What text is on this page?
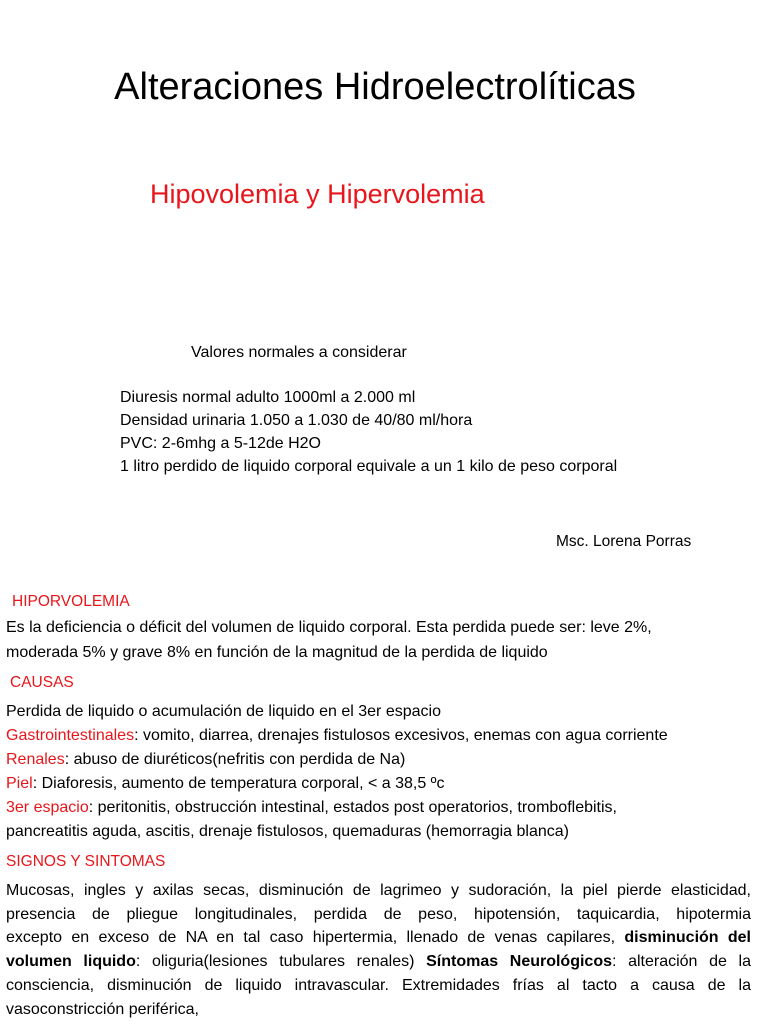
Alteraciones Hidroelectrolíticas
Hipovolemia y Hipervolemia
Valores normales a considerar
Diuresis normal adulto 1000ml a 2.000 ml
Densidad urinaria 1.050 a 1.030 de 40/80 ml/hora
PVC: 2-6mhg a 5-12de H2O
1 litro perdido de liquido corporal equivale a un 1 kilo de peso corporal
Msc. Lorena Porras
HIPORVOLEMIA
Es la deficiencia o déficit del volumen de liquido corporal. Esta perdida puede ser: leve 2%,
moderada 5% y grave 8% en función de la magnitud de la perdida de liquido
CAUSAS
Perdida de liquido o acumulación de liquido en el 3er espacio
Gastrointestinales: vomito, diarrea, drenajes fistulosos excesivos, enemas con agua corriente
Renales: abuso de diuréticos(nefritis con perdida de Na)
Piel: Diaforesis, aumento de temperatura corporal, < a 38,5 ºc
3er espacio: peritonitis, obstrucción intestinal, estados post operatorios, tromboflebitis,
pancreatitis aguda, ascitis, drenaje fistulosos, quemaduras (hemorragia blanca)
SIGNOS Y SINTOMAS
Mucosas, ingles y axilas secas, disminución de lagrimeo y sudoración, la piel pierde elasticidad,
presencia de pliegue longitudinales, perdida de peso, hipotensión, taquicardia, hipotermia
excepto en exceso de NA en tal caso hipertermia, llenado de venas capilares, disminución del
volumen liquido: oliguria(lesiones tubulares renales) Síntomas Neurológicos: alteración de la
consciencia, disminución de liquido intravascular. Extremidades frías al tacto a causa de la
vasoconstricción periférica,
